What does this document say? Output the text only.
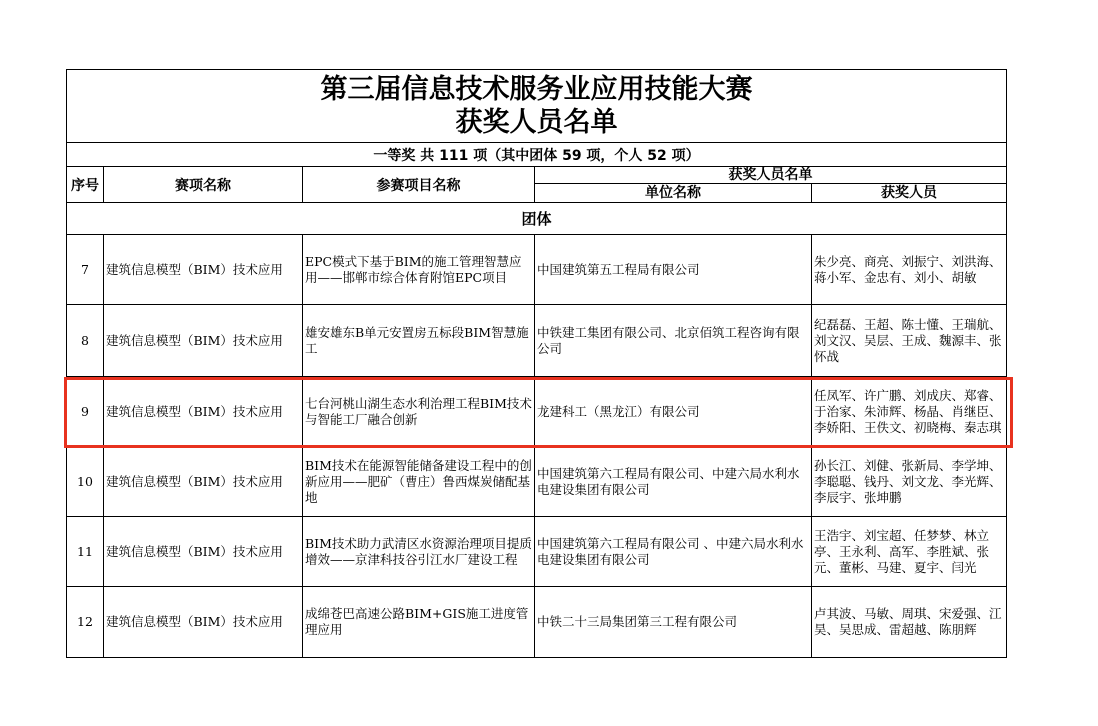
第三届信息技术服务业应用技能大赛
获奖人员名单				

一等奖 共 111 项（其中团体 59 项，个人 52 项）				
序号	赛项名称	参赛项目名称	获奖人员名单	
			单位名称	获奖人员
团体				
7	建筑信息模型（BIM）技术应用	EPC模式下基于BIM的施工管理智慧应用——邯郸市综合体育附馆EPC项目	中国建筑第五工程局有限公司	朱少亮、商亮、刘振宁、刘洪海、蒋小军、金忠有、刘小、胡敏
8	建筑信息模型（BIM）技术应用	雄安雄东B单元安置房五标段BIM智慧施工	中铁建工集团有限公司、北京佰筑工程咨询有限公司	纪磊磊、王超、陈士懂、王瑞航、刘文汉、吴层、王成、魏源丰、张怀战
9	建筑信息模型（BIM）技术应用	七台河桃山湖生态水利治理工程BIM技术与智能工厂融合创新	龙建科工（黑龙江）有限公司	任凤军、许广鹏、刘成庆、郑睿、于治家、朱沛辉、杨晶、肖继臣、李娇阳、王佚文、初晓梅、秦志琪
10	建筑信息模型（BIM）技术应用	BIM技术在能源智能储备建设工程中的创新应用——肥矿（曹庄）鲁西煤炭储配基地	中国建筑第六工程局有限公司、中建六局水利水电建设集团有限公司	孙长江、刘健、张新局、李学坤、李聪聪、钱丹、刘文龙、李光辉、李辰宇、张坤鹏
11	建筑信息模型（BIM）技术应用	BIM技术助力武清区水资源治理项目提质增效——京津科技谷引江水厂建设工程	中国建筑第六工程局有限公司 、中建六局水利水电建设集团有限公司	王浩宇、刘宝超、任梦梦、林立亭、王永利、高军、李胜斌、张元、董彬、马建、夏宇、闫光
12	建筑信息模型（BIM）技术应用	成绵苍巴高速公路BIM+GIS施工进度管理应用	中铁二十三局集团第三工程有限公司	卢其波、马敏、周琪、宋爱强、江昊、吴思成、雷超越、陈朋辉
